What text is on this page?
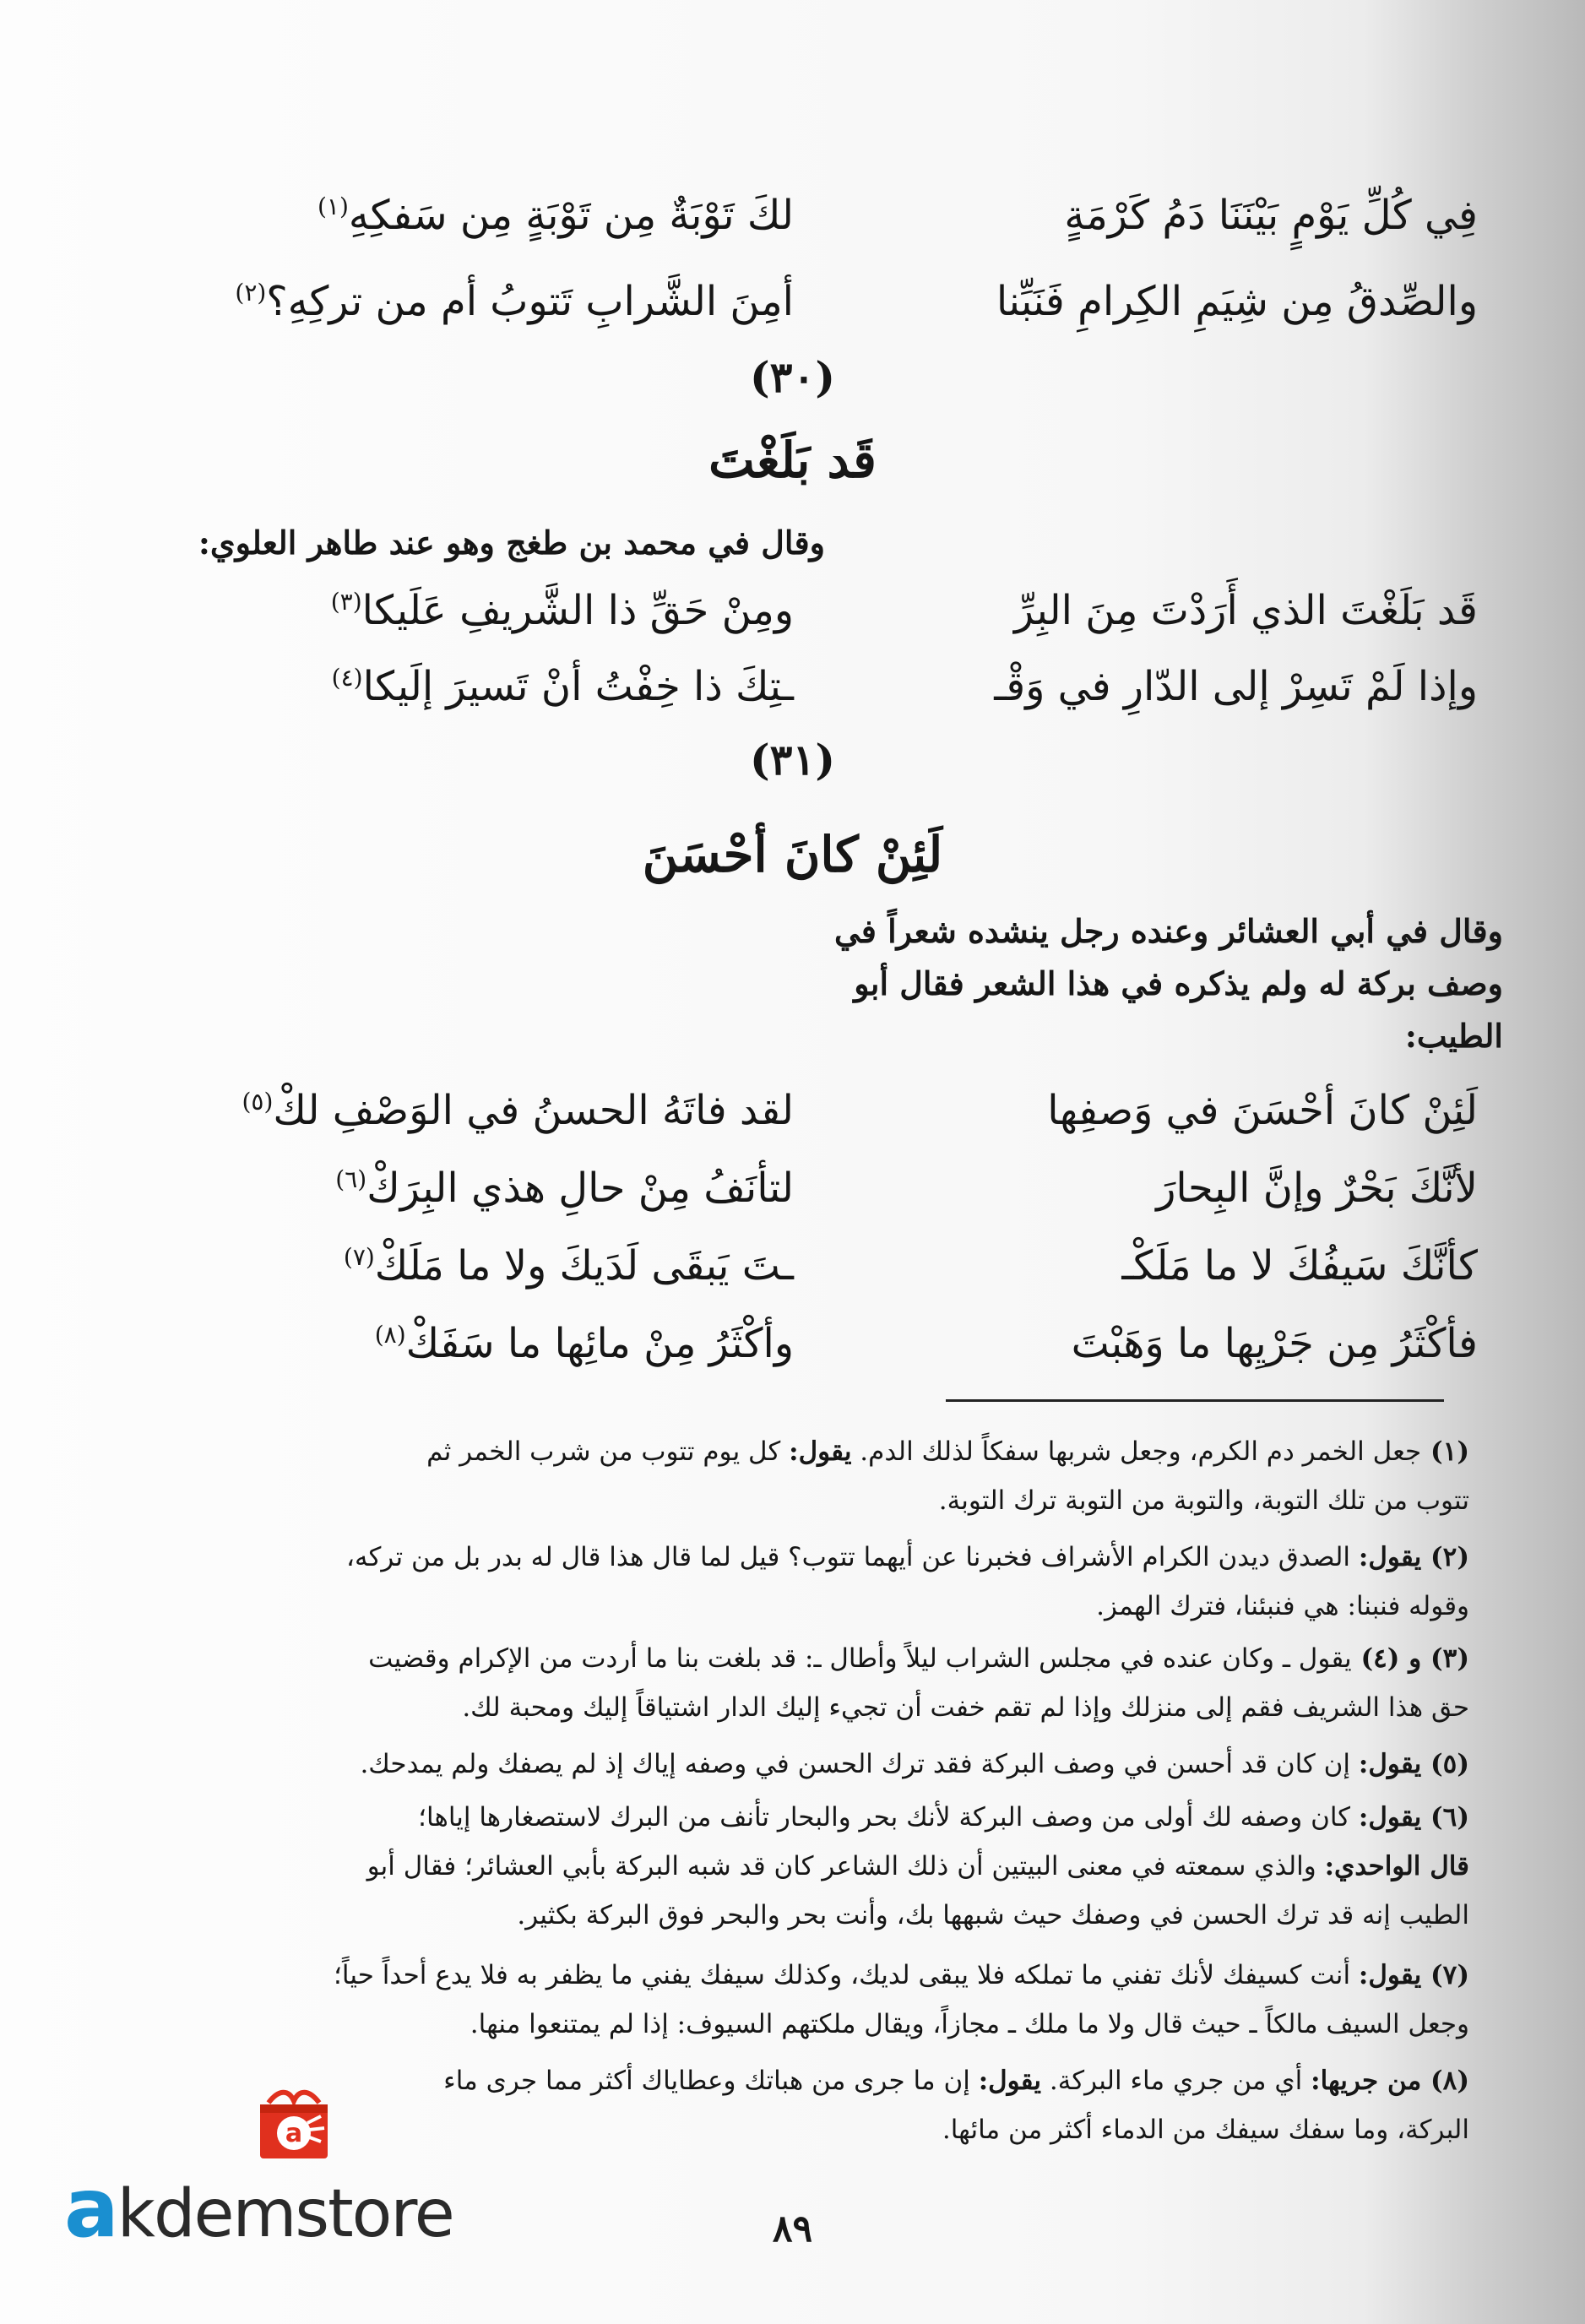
فِي كُلِّ يَوْمٍ بَيْنَنَا دَمُ كَرْمَةٍ
لكَ تَوْبَةٌ مِن تَوْبَةٍ مِن سَفكِهِ$^{(١)}$
والصِّدقُ مِن شِيَمِ الكِرامِ فَنَبِّنا
أمِنَ الشَّرابِ تَتوبُ أم من تركِهِ؟$^{(٢)}$
(٣٠)
قَد بَلَغْتَ
وقال في محمد بن طغج وهو عند طاهر العلوي:
قَد بَلَغْتَ الذي أَرَدْتَ مِنَ البِرِّ
ومِنْ حَقِّ ذا الشَّريفِ عَلَيكا$^{(٣)}$
وإذا لَمْ تَسِرْ إلى الدّارِ في وَقْـ
ـتِكَ ذا خِفْتُ أنْ تَسيرَ إلَيكا$^{(٤)}$
(٣١)
لَئِنْ كانَ أحْسَنَ
وقال في أبي العشائر وعنده رجل ينشده شعراً في
وصف بركة له ولم يذكره في هذا الشعر فقال أبو
الطيب:
لَئِنْ كانَ أحْسَنَ في وَصفِها
لقد فاتَهُ الحسنُ في الوَصْفِ لكْ$^{(٥)}$
لأنَّكَ بَحْرٌ وإنَّ البِحارَ
لتأنَفُ مِنْ حالِ هذي البِرَكْ$^{(٦)}$
كأنَّكَ سَيفُكَ لا ما مَلَكْـ
ـتَ يَبقَى لَدَيكَ ولا ما مَلَكْ$^{(٧)}$
فأكْثَرُ مِن جَرْيِها ما وَهَبْتَ
وأكْثَرُ مِنْ مائِها ما سَفَكْ$^{(٨)}$
(١) جعل الخمر دم الكرم، وجعل شربها سفكاً لذلك الدم. يقول: كل يوم تتوب من شرب الخمر ثم
تتوب من تلك التوبة، والتوبة من التوبة ترك التوبة.
(٢) يقول: الصدق ديدن الكرام الأشراف فخبرنا عن أيهما تتوب؟ قيل لما قال هذا قال له بدر بل من تركه،
وقوله فنبنا: هي فنبئنا، فترك الهمز.
(٣) و (٤) يقول ـ وكان عنده في مجلس الشراب ليلاً وأطال ـ: قد بلغت بنا ما أردت من الإكرام وقضيت
حق هذا الشريف فقم إلى منزلك وإذا لم تقم خفت أن تجيء إليك الدار اشتياقاً إليك ومحبة لك.
(٥) يقول: إن كان قد أحسن في وصف البركة فقد ترك الحسن في وصفه إياك إذ لم يصفك ولم يمدحك.
(٦) يقول: كان وصفه لك أولى من وصف البركة لأنك بحر والبحار تأنف من البرك لاستصغارها إياها؛
قال الواحدي: والذي سمعته في معنى البيتين أن ذلك الشاعر كان قد شبه البركة بأبي العشائر؛ فقال أبو
الطيب إنه قد ترك الحسن في وصفك حيث شبهها بك، وأنت بحر والبحر فوق البركة بكثير.
(٧) يقول: أنت كسيفك لأنك تفني ما تملكه فلا يبقى لديك، وكذلك سيفك يفني ما يظفر به فلا يدع أحداً حياً؛
وجعل السيف مالكاً ـ حيث قال ولا ما ملك ـ مجازاً، ويقال ملكتهم السيوف: إذا لم يمتنعوا منها.
(٨) من جريها: أي من جري ماء البركة. يقول: إن ما جرى من هباتك وعطاياك أكثر مما جرى ماء
البركة، وما سفك سيفك من الدماء أكثر من مائها.
٨٩
a
akdemstore
